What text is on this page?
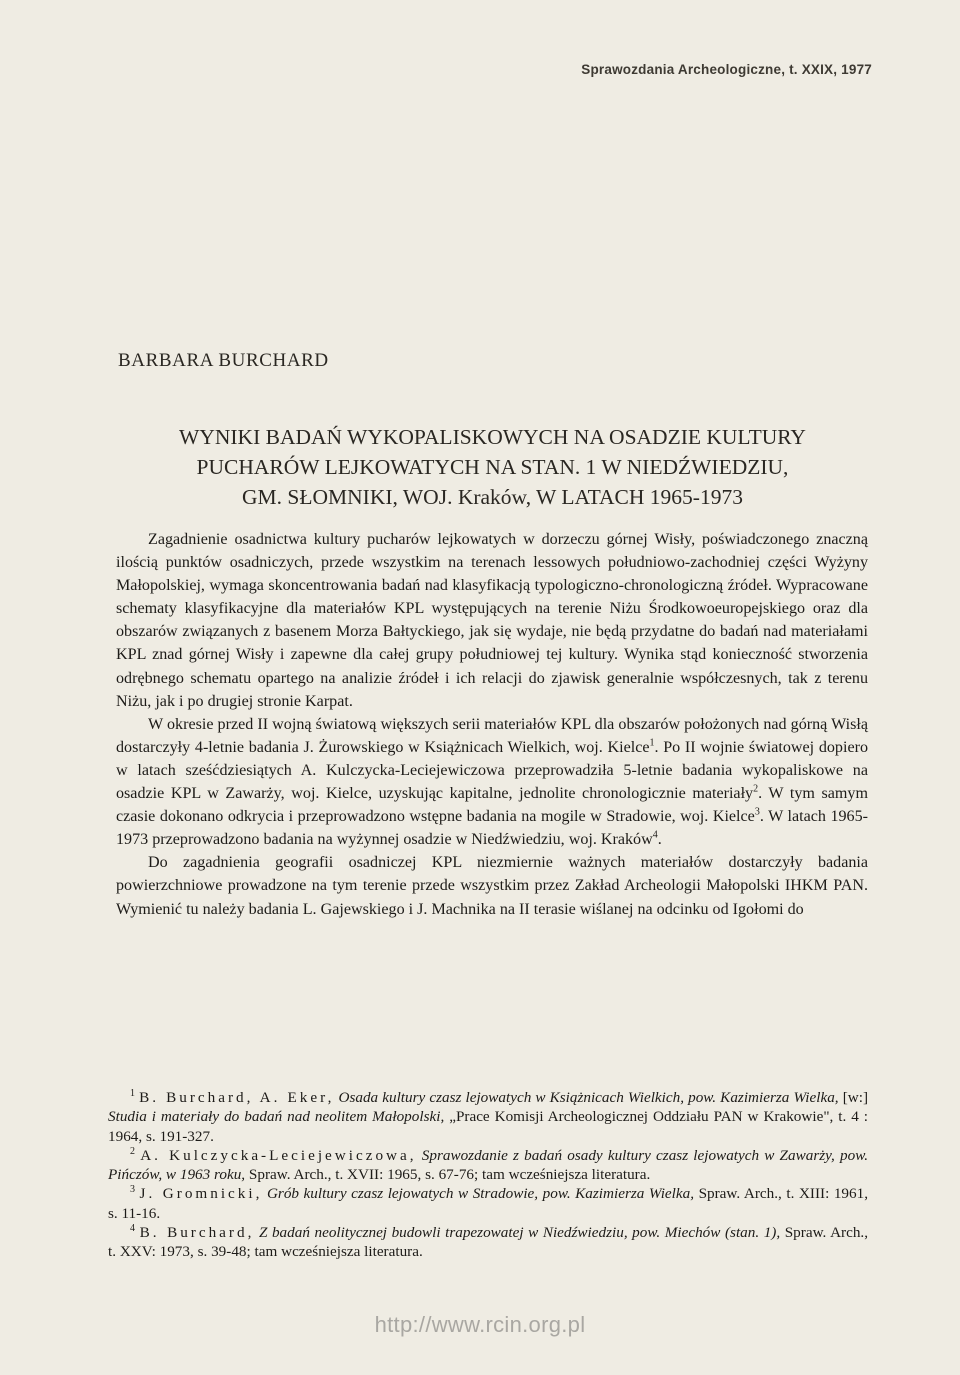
Sprawozdania Archeologiczne, t. XXIX, 1977
BARBARA BURCHARD
WYNIKI BADAŃ WYKOPALISKOWYCH NA OSADZIE KULTURY
PUCHARÓW LEJKOWATYCH NA STAN. 1 W NIEDŹWIEDZIU,
GM. SŁOMNIKI, WOJ. Kraków, W LATACH 1965-1973

Zagadnienie osadnictwa kultury pucharów lejkowatych w dorzeczu górnej Wisły, poświadczonego znaczną ilością punktów osadniczych, przede wszystkim na terenach lessowych południowo-zachodniej części Wyżyny Małopolskiej, wymaga skoncentrowania badań nad klasyfikacją typologiczno-chronologiczną źródeł. Wypracowane schematy klasyfikacyjne dla materiałów KPL występujących na terenie Niżu Środkowoeuropejskiego oraz dla obszarów związanych z basenem Morza Bałtyckiego, jak się wydaje, nie będą przydatne do badań nad materiałami KPL znad górnej Wisły i zapewne dla całej grupy południowej tej kultury. Wynika stąd konieczność stworzenia odrębnego schematu opartego na analizie źródeł i ich relacji do zjawisk generalnie współczesnych, tak z terenu Niżu, jak i po drugiej stronie Karpat.

W okresie przed II wojną światową większych serii materiałów KPL dla obszarów położonych nad górną Wisłą dostarczyły 4-letnie badania J. Żurowskiego w Książnicach Wielkich, woj. Kielce$^1$. Po II wojnie światowej dopiero w latach sześćdziesiątych A. Kulczycka-Leciejewiczowa przeprowadziła 5-letnie badania wykopaliskowe na osadzie KPL w Zawarży, woj. Kielce, uzyskując kapitalne, jednolite chronologicznie materiały$^2$. W tym samym czasie dokonano odkrycia i przeprowadzono wstępne badania na mogile w Stradowie, woj. Kielce$^3$. W latach 1965-1973 przeprowadzono badania na wyżynnej osadzie w Niedźwiedziu, woj. Kraków$^4$.

Do zagadnienia geografii osadniczej KPL niezmiernie ważnych materiałów dostarczyły badania powierzchniowe prowadzone na tym terenie przede wszystkim przez Zakład Archeologii Małopolski IHKM PAN. Wymienić tu należy badania L. Gajewskiego i J. Machnika na II terasie wiślanej na odcinku od Igołomi do

$^1$ B. Burchard, A. Eker, Osada kultury czasz lejowatych w Książnicach Wielkich, pow. Kazimierza Wielka, [w:] Studia i materiały do badań nad neolitem Małopolski, „Prace Komisji Archeologicznej Oddziału PAN w Krakowie", t. 4 : 1964, s. 191-327.

$^2$ A. Kulczycka-Leciejewiczowa, Sprawozdanie z badań osady kultury czasz lejowatych w Zawarży, pow. Pińczów, w 1963 roku, Spraw. Arch., t. XVII: 1965, s. 67-76; tam wcześniejsza literatura.

$^3$ J. Gromnicki, Grób kultury czasz lejowatych w Stradowie, pow. Kazimierza Wielka, Spraw. Arch., t. XIII: 1961, s. 11-16.

$^4$ B. Burchard, Z badań neolitycznej budowli trapezowatej w Niedźwiedziu, pow. Miechów (stan. 1), Spraw. Arch., t. XXV: 1973, s. 39-48; tam wcześniejsza literatura.

http://www.rcin.org.pl
